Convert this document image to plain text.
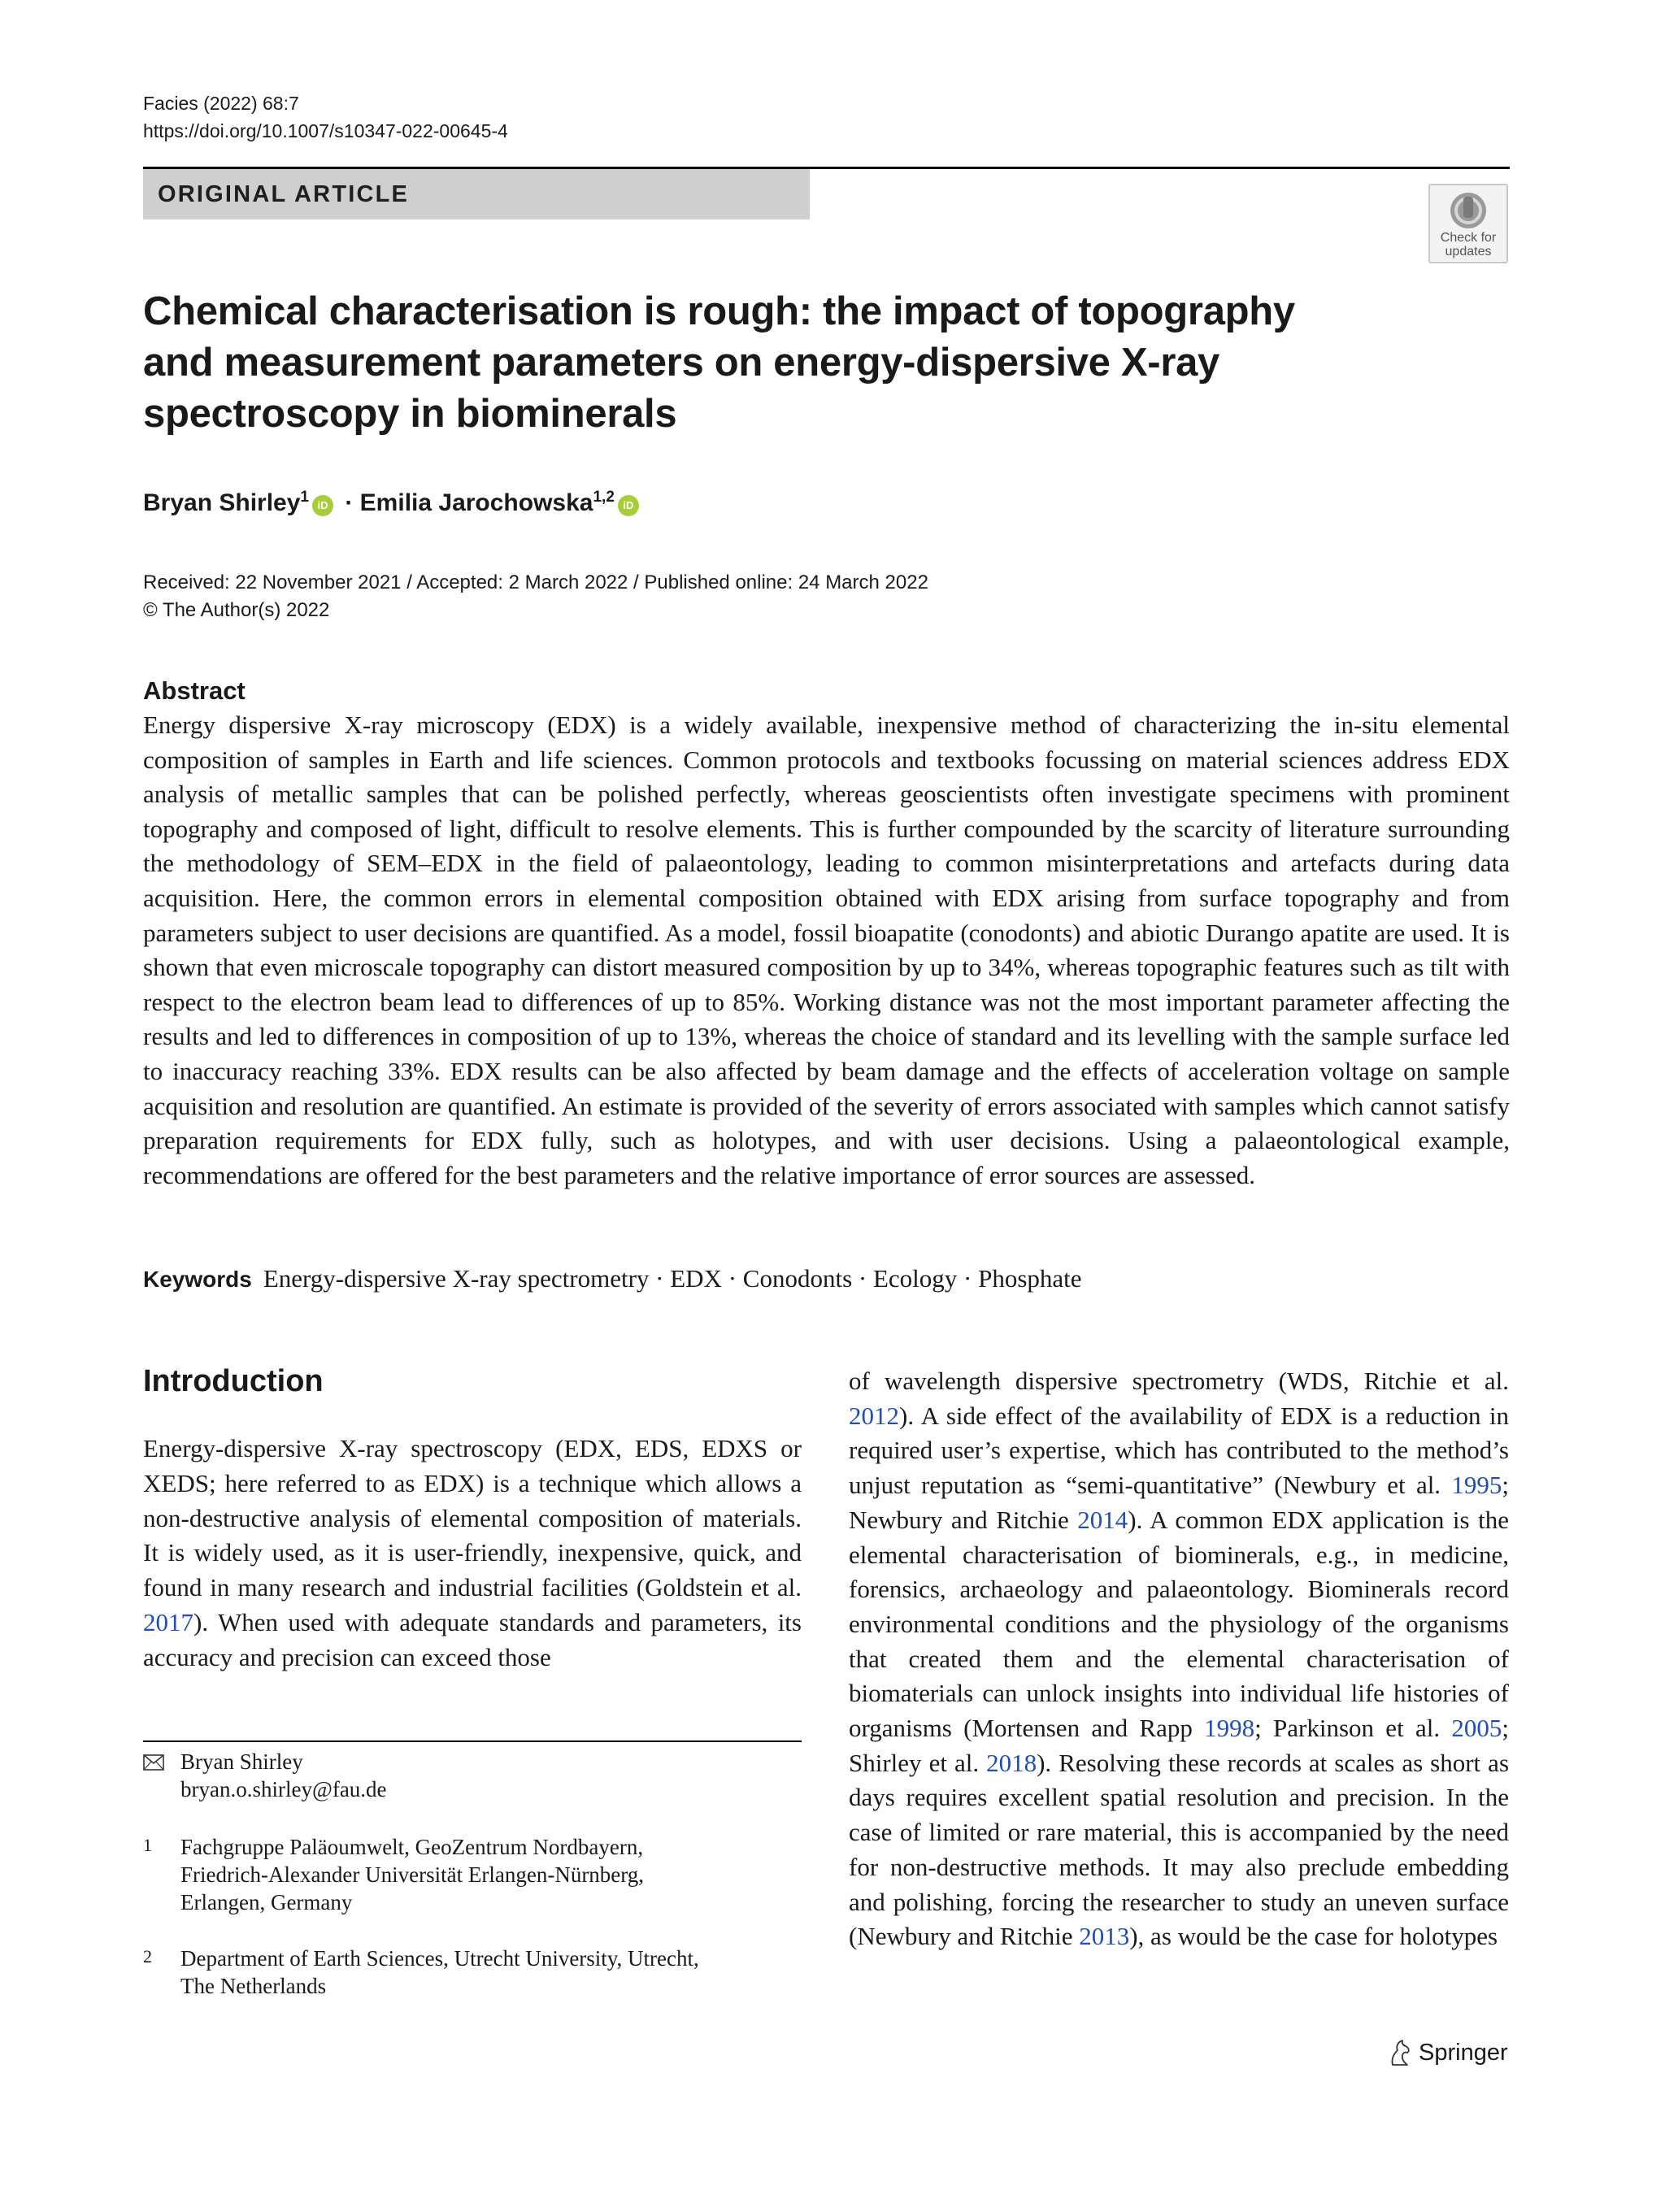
Facies (2022) 68:7
https://doi.org/10.1007/s10347-022-00645-4
ORIGINAL ARTICLE
Check for
updates
Chemical characterisation is rough: the impact of topography and measurement parameters on energy-dispersive X-ray spectroscopy in biominerals
Bryan Shirley$^1$ iD · Emilia Jarochowska$^{1,2}$ iD
Received: 22 November 2021 / Accepted: 2 March 2022 / Published online: 24 March 2022
© The Author(s) 2022
Abstract

Energy dispersive X-ray microscopy (EDX) is a widely available, inexpensive method of characterizing the in-situ elemental composition of samples in Earth and life sciences. Common protocols and textbooks focussing on material sciences address EDX analysis of metallic samples that can be polished perfectly, whereas geoscientists often investigate specimens with prominent topography and composed of light, difficult to resolve elements. This is further compounded by the scarcity of literature surrounding the methodology of SEM–EDX in the field of palaeontology, leading to common misinterpretations and artefacts during data acquisition. Here, the common errors in elemental composition obtained with EDX arising from surface topography and from parameters subject to user decisions are quantified. As a model, fossil bioapatite (conodonts) and abiotic Durango apatite are used. It is shown that even microscale topography can distort measured composition by up to 34%, whereas topographic features such as tilt with respect to the electron beam lead to differences of up to 85%. Working distance was not the most important parameter affecting the results and led to differences in composition of up to 13%, whereas the choice of standard and its levelling with the sample surface led to inaccuracy reaching 33%. EDX results can be also affected by beam damage and the effects of acceleration voltage on sample acquisition and resolution are quantified. An estimate is provided of the severity of errors associated with samples which cannot satisfy preparation requirements for EDX fully, such as holotypes, and with user decisions. Using a palaeontological example, recommendations are offered for the best parameters and the relative importance of error sources are assessed.

Keywords Energy-dispersive X-ray spectrometry · EDX · Conodonts · Ecology · Phosphate
Introduction

Energy-dispersive X-ray spectroscopy (EDX, EDS, EDXS or XEDS; here referred to as EDX) is a technique which allows a non-destructive analysis of elemental composition of materials. It is widely used, as it is user-friendly, inexpensive, quick, and found in many research and industrial facilities (Goldstein et al. 2017). When used with adequate standards and parameters, its accuracy and precision can exceed those

of wavelength dispersive spectrometry (WDS, Ritchie et al. 2012). A side effect of the availability of EDX is a reduction in required user’s expertise, which has contributed to the method’s unjust reputation as “semi-quantitative” (Newbury et al. 1995; Newbury and Ritchie 2014). A common EDX application is the elemental characterisation of biominerals, e.g., in medicine, forensics, archaeology and palaeontology. Biominerals record environmental conditions and the physiology of the organisms that created them and the elemental characterisation of biomaterials can unlock insights into individual life histories of organisms (Mortensen and Rapp 1998; Parkinson et al. 2005; Shirley et al. 2018). Resolving these records at scales as short as days requires excellent spatial resolution and precision. In the case of limited or rare material, this is accompanied by the need for non-destructive methods. It may also preclude embedding and polishing, forcing the researcher to study an uneven surface (Newbury and Ritchie 2013), as would be the case for holotypes

Bryan Shirley
bryan.o.shirley@fau.de
1 Fachgruppe Paläoumwelt, GeoZentrum Nordbayern,
Friedrich-Alexander Universität Erlangen-Nürnberg,
Erlangen, Germany
2 Department of Earth Sciences, Utrecht University, Utrecht,
The Netherlands
Springer
